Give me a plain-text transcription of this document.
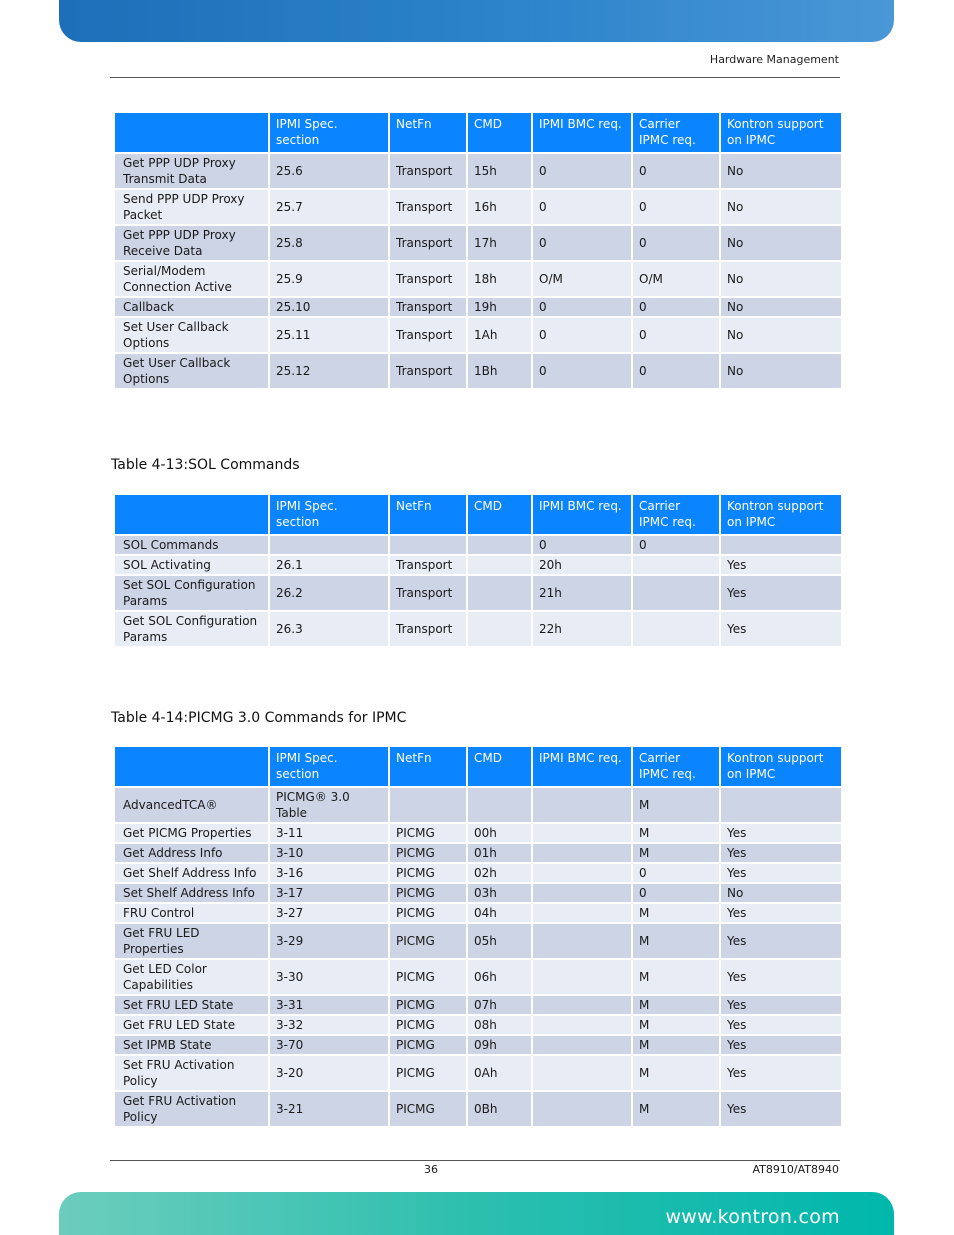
Hardware Management
	IPMI Spec. section	NetFn	CMD	IPMI BMC req.	Carrier IPMC req.	Kontron support on IPMC
Get PPP UDP Proxy Transmit Data	25.6	Transport	15h	0	0	No
Send PPP UDP Proxy Packet	25.7	Transport	16h	0	0	No
Get PPP UDP Proxy Receive Data	25.8	Transport	17h	0	0	No
Serial/Modem Connection Active	25.9	Transport	18h	O/M	O/M	No
Callback	25.10	Transport	19h	0	0	No
Set User Callback Options	25.11	Transport	1Ah	0	0	No
Get User Callback Options	25.12	Transport	1Bh	0	0	No
Table 4-13:SOL Commands
	IPMI Spec. section	NetFn	CMD	IPMI BMC req.	Carrier IPMC req.	Kontron support on IPMC
SOL Commands				0	0	
SOL Activating	26.1	Transport		20h		Yes
Set SOL Configuration Params	26.2	Transport		21h		Yes
Get SOL Configuration Params	26.3	Transport		22h		Yes
Table 4-14:PICMG 3.0 Commands for IPMC
	IPMI Spec. section	NetFn	CMD	IPMI BMC req.	Carrier IPMC req.	Kontron support on IPMC
AdvancedTCA®	PICMG® 3.0 Table				M	
Get PICMG Properties	3-11	PICMG	00h		M	Yes
Get Address Info	3-10	PICMG	01h		M	Yes
Get Shelf Address Info	3-16	PICMG	02h		0	Yes
Set Shelf Address Info	3-17	PICMG	03h		0	No
FRU Control	3-27	PICMG	04h		M	Yes
Get FRU LED Properties	3-29	PICMG	05h		M	Yes
Get LED Color Capabilities	3-30	PICMG	06h		M	Yes
Set FRU LED State	3-31	PICMG	07h		M	Yes
Get FRU LED State	3-32	PICMG	08h		M	Yes
Set IPMB State	3-70	PICMG	09h		M	Yes
Set FRU Activation Policy	3-20	PICMG	0Ah		M	Yes
Get FRU Activation Policy	3-21	PICMG	0Bh		M	Yes
36	AT8910/AT8940
www.kontron.com
